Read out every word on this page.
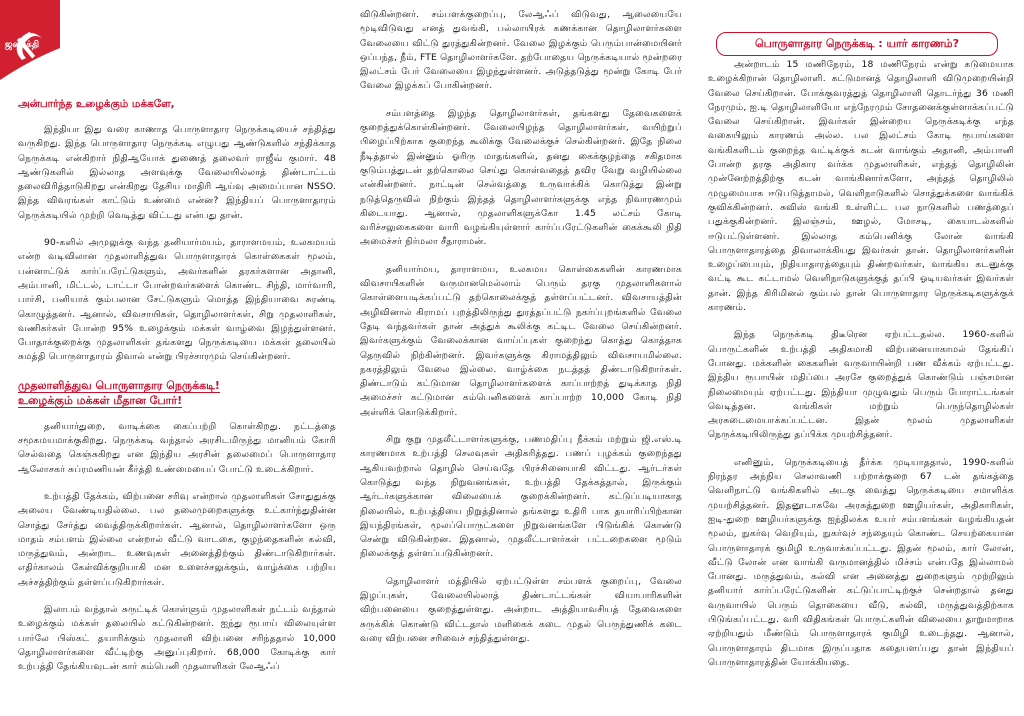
ஜனசக்தி
அன்பார்ந்த உழைக்கும் மக்களே,

இந்தியா இது வரை காணாத பொருளாதார நெருக்கடியைச் சந்தித்து வருகிறது. இந்த பொருளாதார நெருக்கடி எழுபது ஆண்டுகளில் சந்திக்காத நெருக்கடி என்கிறார் நிதிஆயோக் துணைத் தலைவர் ராஜீவ் குமார். 48 ஆண்டுகளில் இல்லாத அளவுக்கு வேலையில்லாத் திண்டாட்டம் தலைவிரித்தாடுகிறது என்கிறது தேசிய மாதிரி ஆய்வு அமைப்பான NSSO. இந்த விவரங்கள் காட்டும் உண்மை என்ன? இந்தியப் பொருளாதாரம் நெருக்கடியில் முற்றி வெடித்து விட்டது என்பது தான்.

90-களில் அமுலுக்கு வந்த தனியார்மயம், தாராளமயம், உலகமயம் என்ற வடிவிலான முதலாளித்துவ பொருளாதாரக் கொள்கைகள் மூலம், பன்னாட்டுக் கார்ப்பரேட்டுகளும், அவர்களின் தரகர்களான அதானி, அம்பானி, மிட்டல், டாட்டா போன்றவர்களைக் கொண்ட சிந்தி, மார்வாரி, பார்சி, பனியாக் கும்பலான சேட்டுகளும் மொத்த இந்தியாவை சுரண்டி கொழுத்தனர். ஆனால், விவசாயிகள், தொழிலாளர்கள், சிறு முதலாளிகள், வணிகர்கள் போன்ற 95% உழைக்கும் மக்கள் வாழ்வை இழந்துள்ளனர். போதாக்குறைக்கு முதலாளிகள் தங்களது நெருக்கடியை மக்கள் தலையில் சுமத்தி பொருளாதாரம் திவால் என்று பிரச்சாரமும் செய்கின்றனர்.

முதலாளித்துவ பொருளாதார நெருக்கடி!
உழைக்கும் மக்கள் மீதான போர்!

தனியார்துறை, வாடிக்கை கைப்பற்றி கொள்கிறது. நட்டத்தை சமூகமயமாக்குகிறது. நெருக்கடி வந்தால் அரசிடமிருந்து மானியம் கோரி செல்வதை கெஞ்சுகிறது என இந்திய அரசின் தலைமைப் பொருளாதார ஆலோசகர் சுப்ரமணியன் கீர்த்தி உண்மையைப் போட்டு உடைக்கிறார்.

உற்பத்தி தேக்கம், விற்பனை சரிவு என்றால் முதலாளிகள் சோதுதுக்கு அலைய வேண்டியதில்லை. பல தலைமுறைகளுக்கு உட்கார்ந்துதின்ன சொத்து சேர்த்து வைத்திருக்கிறார்கள். ஆனால், தொழிலாளர்களோ ஒரு மாதம் சம்பளம் இல்லை என்றால் வீட்டு வாடகை, குழந்தைகளின் கல்வி, மருத்துவம், அன்றாட உணவுகள் அனைத்திற்கும் திண்டாடுகிறார்கள். எதிர்காலம் கேள்விக்குறியாகி மன உளைச்சலுக்கும், வாழ்க்கை பற்றிய அச்சத்திற்கும் தள்ளப்படுகிறார்கள்.

இலாபம் வந்தால் சுருட்டிக் கொள்ளும் முதலாளிகள் நட்டம் வந்தால் உழைக்கும் மக்கள் தலையில் கட்டுகின்றனர். ஐந்து ரூபாய் விலையுள்ள பார்லே பிஸ்கட் தயாரிக்கும் முதலாளி விற்பனை சரிந்ததால் 10,000 தொழிலாளர்களை வீட்டிற்கு அனுப்புகிறார். 68,000 கோடிக்கு கார் உற்பத்தி தேங்கியவுடன் கார் கம்பெனி முதலாளிகள் லேஆஃப்

விடுகின்றனர். சம்பளக்குறைப்பு, லேஆஃப் விடுவது, ஆலையையே மூடிவிடுவது எனத் துவங்கி, பல்லாயிரக் கணக்கான தொழிலாளர்களை வேலையை விட்டு துரத்துகின்றனர். வேலை இழக்கும் பெரும்பான்மையினர் ஒப்பந்த, நீம், FTE தொழிலாளர்களே. தற்போதைய நெருக்கடியால் மூன்றரை இலட்சம் பேர் வேலையை இழந்துள்ளனர். அடுத்தடுத்து மூன்று கோடி பேர் வேலை இழக்கப் போகின்றனர்.

சம்பளத்தை இழந்த தொழிலாளர்கள், தங்களது தேவைகளைக் குறைத்துக்கொள்கின்றனர். வேலையிழந்த தொழிலாளர்கள், வயிற்றுப் பிழைப்பிற்காக குறைந்த கூலிக்கு வேலைக்குச் செல்கின்றனர். இதே நிலை நீடித்தால் இன்னும் ஓரிரு மாதங்களில், தனது கைக்குழந்தை சகிதமாக குடும்பத்துடன் தற்கொலை செய்து கொள்வதைத் தவிர வேறு வழியில்லை என்கின்றனர். நாட்டின் செல்வத்தை உருவாக்கிக் கொடுத்து இன்று நடுத்தெருவில் நிற்கும் இந்தத் தொழிலாளர்களுக்கு எந்த நிவாரணமும் கிடையாது. ஆனால், முதலாளிகளுக்கோ 1.45 லட்சம் கோடி வரிச்சலுகைகளை வாரி வழங்கியுள்ளார் கார்ப்பரேட்டுகளின் கைக்கூலி நிதி அமைச்சர் நிர்மலா சீதாராமன்.

தனியார்மய, தாராளமய, உலகமய கொள்கைகளின் காரணமாக விவசாயிகளின் வருமானமெல்லாம் பெரும் தரகு முதலாளிகளால் கொள்ளையடிக்கப்பட்டு தற்கொலைக்குத் தள்ளப்பட்டனர். விவசாயத்தின் அழிவினால் கிராமப் புறத்திலிருந்து துரத்தப்பட்டு நகர்ப்புறங்களில் வேலை தேடி வந்தவர்கள் தான் அத்துக் கூலிக்கு கட்டிட வேலை செய்கின்றனர். இவர்களுக்கும் வேலைக்கான வாய்ப்புகள் குறைந்து கொத்து கொத்தாக தெருவில் நிற்கின்றனர். இவர்களுக்கு கிராமத்திலும் விவசாயமில்லை. நகரத்திலும் வேலை இல்லை. வாழ்க்கை நடத்தத் திண்டாடுகிறார்கள். திண்டாடும் கட்டுமான தொழிலாளர்களைக் காப்பாற்றத் துடிக்காத நிதி அமைச்சர் கட்டுமான கம்பெனிகளைக் காப்பாற்ற 10,000 கோடி நிதி அள்ளிக் கொடுக்கிறார்.

சிறு குறு முதலீட்டாளர்களுக்கு, பணமதிப்பு நீக்கம் மற்றும் ஜி.எஸ்.டி காரணமாக உற்பத்தி செலவுகள் அதிகரித்தது. பணப் புழக்கம் குறைந்தது ஆகியவற்றால் தொழில் செய்வதே பிரச்சினையாகி விட்டது. ஆர்டர்கள் கொடுத்து வந்த நிறுவனங்கள், உற்பத்தி தேக்கத்தால், இருக்கும் ஆர்டர்களுக்கான விலையைக் குறைக்கின்றனர். கட்டுப்படியாகாத நிலையில், உற்பத்தியை நிறுத்தினால் தங்களது உதிரி பாக தயாரிப்பிற்கான இயந்திரங்கள், மூலப்பொருட்களை நிறுவனங்களே பிடுங்கிக் கொண்டு சென்று விடுகின்றன. இதனால், முதலீட்டாளர்கள் பட்டறைகளை மூடும் நிலைக்குத் தள்ளப்படுகின்றனர்.

தொழிலாளர் மத்தியில் ஏற்பட்டுள்ள சம்பளக் குறைப்பு, வேலை இழப்புகள், வேலையில்லாத் திண்டாட்டங்கள் வியாபாரிகளின் விற்பனையை குறைத்துள்ளது. அன்றாட அத்தியாவசியத் தேவைகளை சுருக்கிக் கொண்டு விட்டதால் மளிகைக் கடை முதல் பெருந்துணிக் கடை வரை விற்பனை சரிவைச் சந்தித்துள்ளது.

பொருளாதார நெருக்கடி : யார் காரணம்?

அன்றாடம் 15 மணிநேரம், 18 மணிநேரம் என்று கடுமையாக உழைக்கிறான் தொழிலாளி. கட்டுமானத் தொழிலாளி விடுமுறையின்றி வேலை செய்கிறான். போக்குவரத்துத் தொழிலாளி தொடர்ந்து 36 மணி நேரமும், ஐ.டி தொழிலாளியோ எந்நேரமும் சோதனைக்குள்ளாக்கப்பட்டு வேலை செய்கிறான். இவர்கள் இன்றைய நெருக்கடிக்கு எந்த வகையிலும் காரணம் அல்ல. பல இலட்சம் கோடி ரூபாய்களை வங்கிகளிடம் குறைந்த வட்டிக்குக் கடன் வாங்கும் அதானி, அம்பானி போன்ற தரகு அதிகார வர்க்க முதலாளிகள், எந்தத் தொழிலின் முன்னேற்றத்திற்கு கடன் வாங்கினார்களோ, அந்தத் தொழிலில் முழுமையாக ஈடுபடுத்தாமல், வெளிநாடுகளில் சொத்துக்களை வாங்கிக் குவிக்கின்றனர். சுவிஸ் வங்கி உள்ளிட்ட பல நாடுகளில் பணத்தைப் பதுக்குகின்றனர். இலஞ்சம், ஊழல், மோசடி, கையாடல்களில் ஈடுபட்டுள்ளனர். இல்லாத கம்பெனிக்கு லோன் வாங்கி பொருளாதாரத்தை திவாலாக்கியது இவர்கள் தான். தொழிலாளர்களின் உழைப்பையும், நிதியாதாரத்தையும் திண்றவர்கள், வாங்கிய கடனுக்கு வட்டி கூட கட்டாமல் வெளிநாடுகளுக்குத் தப்பி ஓடியவர்கள் இவர்கள் தான். இந்த கிரிமினல் கும்பல் தான் பொருளாதார நெருக்கடிகளுக்குக் காரணம்.

இந்த நெருக்கடி திடீரென ஏற்பட்டதல்ல. 1960-களில் பொருட்களின் உற்பத்தி அதிகமாகி விற்பனையாகாமல் தேங்கிப் போனது. மக்களின் கைகளின் வருவாயின்றி பண வீக்கம் ஏற்பட்டது. இந்திய ரூபாயின் மதிப்பை அரசே குறைத்துக் கொண்டும் பஞ்சமான நிலைமையும் ஏற்பட்டது. இந்தியா முழுவதும் பெரும் போராட்டங்கள் வெடித்தன. வங்கிகள் மற்றும் பெருந்தொழில்கள் அரசுடைமையாக்கப்பட்டன. இதன் மூலம் முதலாளிகள் நெருக்கடியிலிருந்து தப்பிக்க முயற்சித்தனர்.

எனினும், நெருக்கடியைத் தீர்க்க முடியாததால், 1990-களில் நிரந்தர அந்நிய செலாவணி பற்றாக்குறை 67 டன் தங்கத்தை வெளிநாட்டு வங்கிகளில் அடகு வைத்து நெருக்கடியை சமாளிக்க முயற்சித்தனர். இதனூடாகவே அரசுத்துறை ஊழியர்கள், அதிகாரிகள், ஐடி-துறை ஊழியர்களுக்கு ஐந்திலக்க உயர் சம்பளங்கள் வழங்கியதன் மூலம், நுகர்வு வெறியும், நுகர்வுச் சந்தையும் கொண்ட செயற்கையான பொருளாதாரக் குமிழி உருவாக்கப்பட்டது. இதன் மூலம், கார் லோன், வீட்டு லோன் என வாங்கி வருமானத்தில் மிச்சம் என்பதே இல்லாமல் போனது. மருத்துவம், கல்வி என அனைத்து துறைகளும் முற்றிலும் தனியார் கார்ப்பரேட்டுகளின் கட்டுப்பாட்டிற்குச் சென்றதால் தனது வருவாயில் பெரும் தொகையை வீடு, கல்வி, மருத்துவத்திற்காக பிடுங்கப்பட்டது. வரி விதிகங்கள் பொருட்களின் விலையை தாறுமாறாக ஏற்றியதும் மீண்டும் பொருளாதாரக் குமிழி உடைந்தது. ஆனால், பொருளாதாரம் திடமாக இருப்பதாக கதையளப்பது தான் இந்தியப் பொருளாதாரத்தின் யோக்கியதை.
